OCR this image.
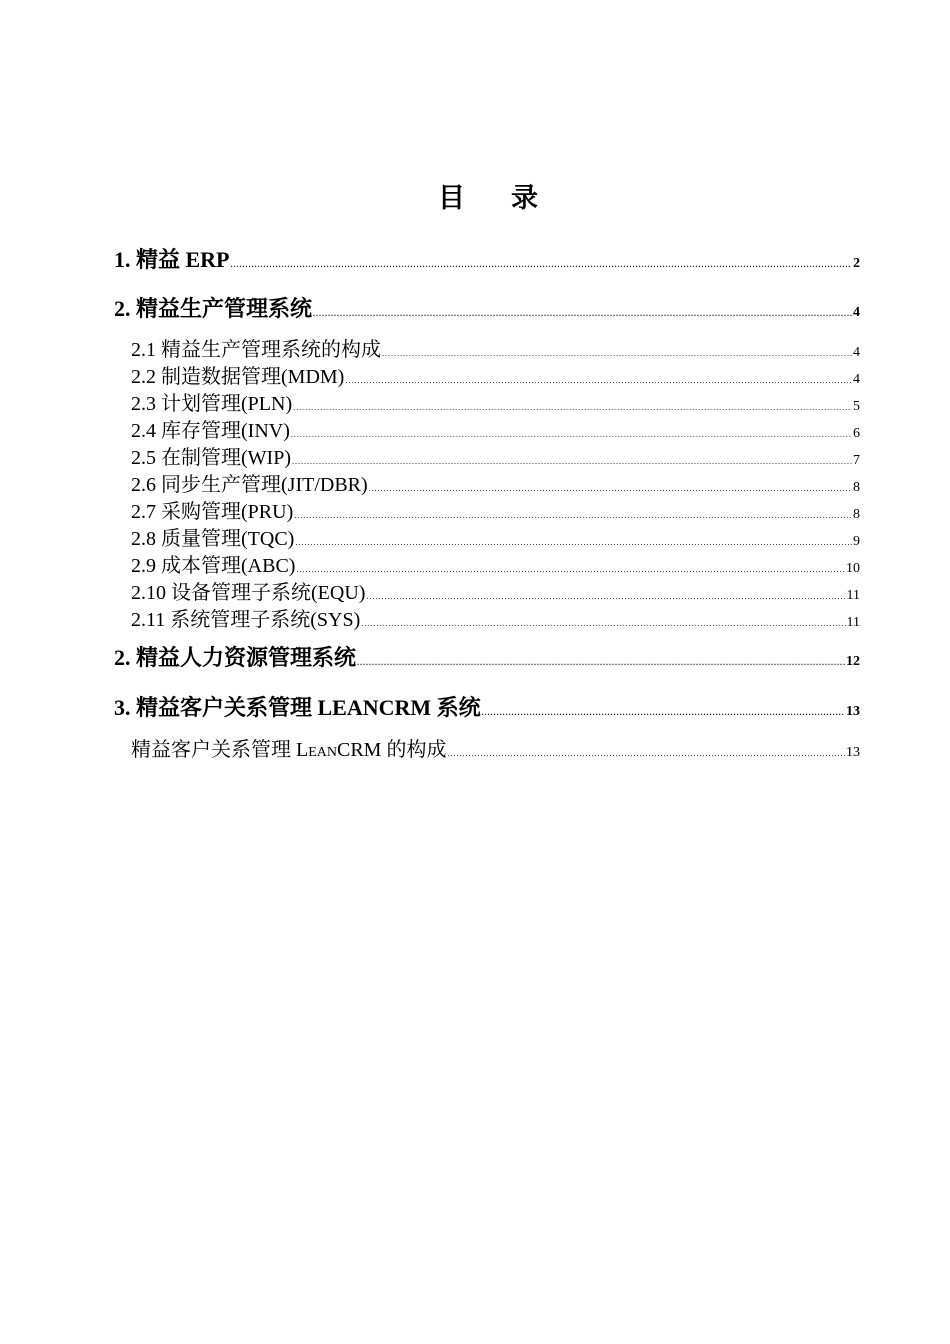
目 录
1. 精益 ERP .....	2
2. 精益生产管理系统 .....	4
2.1 精益生产管理系统的构成 .....	4
2.2 制造数据管理(MDM) .....	4
2.3 计划管理(PLN) .....	5
2.4 库存管理(INV) .....	6
2.5 在制管理(WIP) .....	7
2.6 同步生产管理(JIT/DBR) .....	8
2.7 采购管理(PRU) .....	8
2.8 质量管理(TQC) .....	9
2.9 成本管理(ABC) .....	10
2.10 设备管理子系统(EQU) .....	11
2.11 系统管理子系统(SYS) .....	11
2. 精益人力资源管理系统 .....	12
3. 精益客户关系管理 LEANCRM 系统 .....	13
精益客户关系管理 LeanCRM 的构成 .....	13
